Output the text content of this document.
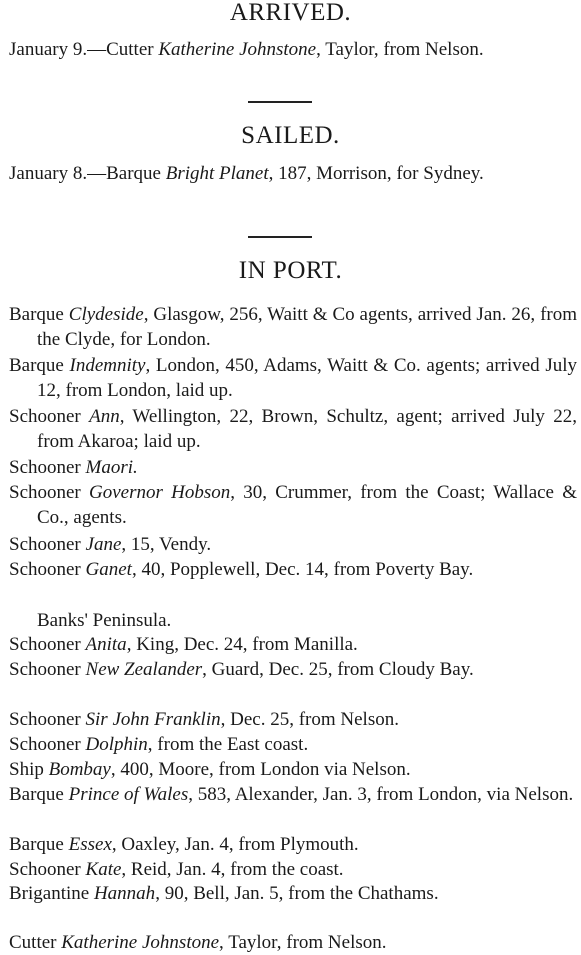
ARRIVED.
January 9.—Cutter Katherine Johnstone, Taylor, from Nelson.
SAILED.
January 8.—Barque Bright Planet, 187, Morrison, for Sydney.
IN PORT.
Barque Clydeside, Glasgow, 256, Waitt & Co agents, arrived Jan. 26, from the Clyde, for London.
Barque Indemnity, London, 450, Adams, Waitt & Co. agents; arrived July 12, from London, laid up.
Schooner Ann, Wellington, 22, Brown, Schultz, agent; arrived July 22, from Akaroa; laid up.
Schooner Maori.
Schooner Governor Hobson, 30, Crummer, from the Coast; Wallace & Co., agents.
Schooner Jane, 15, Vendy.
Schooner Ganet, 40, Popplewell, Dec. 14, from Poverty Bay.
Banks' Peninsula.
Schooner Anita, King, Dec. 24, from Manilla.
Schooner New Zealander, Guard, Dec. 25, from Cloudy Bay.
Schooner Sir John Franklin, Dec. 25, from Nelson.
Schooner Dolphin, from the East coast.
Ship Bombay, 400, Moore, from London via Nelson.
Barque Prince of Wales, 583, Alexander, Jan. 3, from London, via Nelson.
Barque Essex, Oaxley, Jan. 4, from Plymouth.
Schooner Kate, Reid, Jan. 4, from the coast.
Brigantine Hannah, 90, Bell, Jan. 5, from the Chathams.
Cutter Katherine Johnstone, Taylor, from Nelson.
